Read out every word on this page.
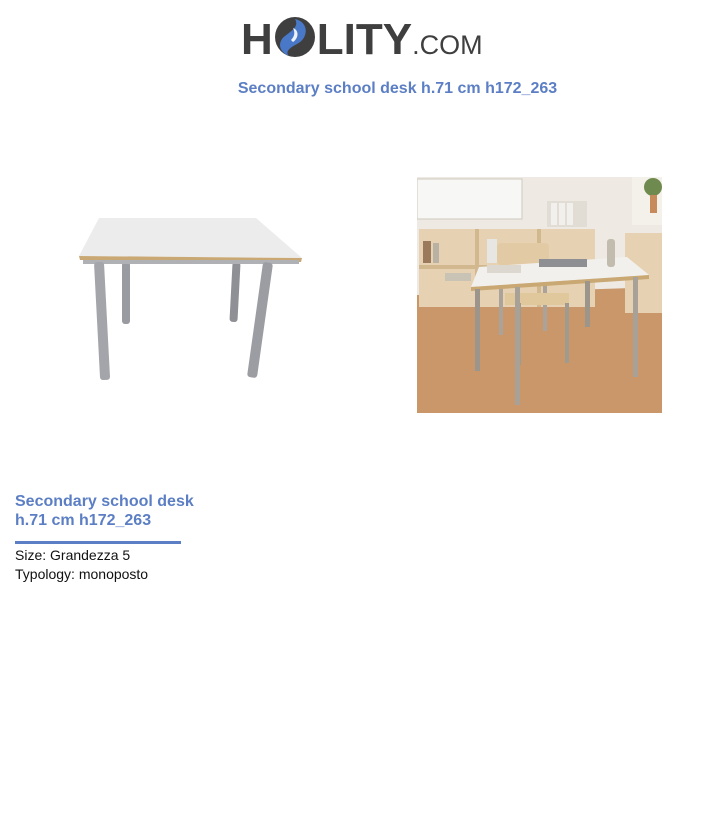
H LITY.COM
Secondary school desk h.71 cm h172_263
Secondary school desk h.71 cm h172_263
Size: Grandezza 5
Typology: monoposto
